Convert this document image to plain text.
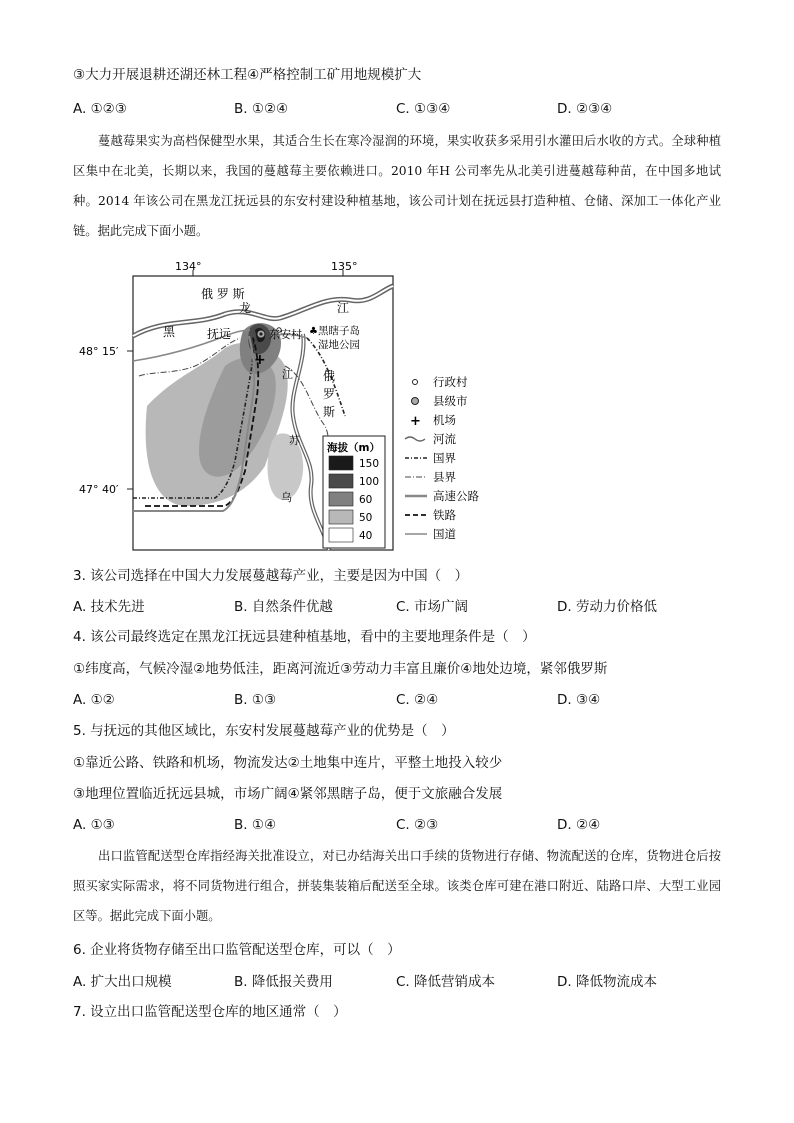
③大力开展退耕还湖还林工程④严格控制工矿用地规模扩大
A. ①②③	B. ①②④	C. ①③④	D. ②③④
蔓越莓果实为高档保健型水果，其适合生长在寒冷湿润的环境，果实收获多采用引水灌田后水收的方式。全球种植区集中在北美，长期以来，我国的蔓越莓主要依赖进口。2010 年H 公司率先从北美引进蔓越莓种苗，在中国多地试种。2014 年该公司在黑龙江抚远县的东安村建设种植基地，该公司计划在抚远县打造种植、仓储、深加工一体化产业链。据此完成下面小题。
134°	135°
48° 15′
47° 40′
+
俄 罗 斯
龙	江
黑	抚远	东安村 ♣ 黑瞎子岛
湿地公园
俄
罗
斯
江
苏
乌
海拔（m）
150
100
60
50
40
行政村
县级市
+ 机场
河流
国界
县界
高速公路
铁路
国道
3. 该公司选择在中国大力发展蔓越莓产业，主要是因为中国（　）
A. 技术先进	B. 自然条件优越	C. 市场广阔	D. 劳动力价格低
4. 该公司最终选定在黑龙江抚远县建种植基地，看中的主要地理条件是（　）
①纬度高，气候冷湿②地势低洼，距离河流近③劳动力丰富且廉价④地处边境，紧邻俄罗斯
A. ①②	B. ①③	C. ②④	D. ③④
5. 与抚远的其他区域比，东安村发展蔓越莓产业的优势是（　）
①靠近公路、铁路和机场，物流发达②土地集中连片，平整土地投入较少
③地理位置临近抚远县城，市场广阔④紧邻黑瞎子岛，便于文旅融合发展
A. ①③	B. ①④	C. ②③	D. ②④
出口监管配送型仓库指经海关批准设立，对已办结海关出口手续的货物进行存储、物流配送的仓库，货物进仓后按照买家实际需求，将不同货物进行组合，拼装集装箱后配送至全球。该类仓库可建在港口附近、陆路口岸、大型工业园区等。据此完成下面小题。
6. 企业将货物存储至出口监管配送型仓库，可以（　）
A. 扩大出口规模	B. 降低报关费用	C. 降低营销成本	D. 降低物流成本
7. 设立出口监管配送型仓库的地区通常（　）
